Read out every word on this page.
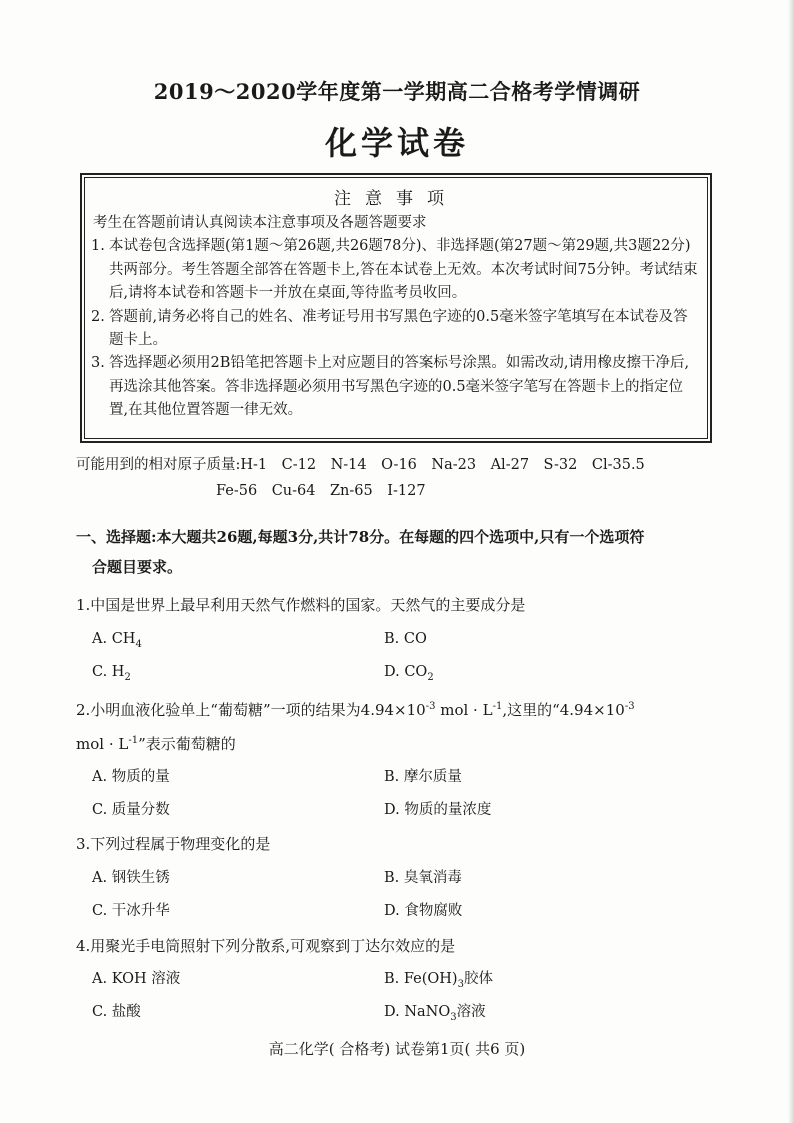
2019～2020学年度第一学期高二合格考学情调研
化学试卷
注意事项
考生在答题前请认真阅读本注意事项及各题答题要求
1. 本试卷包含选择题(第1题～第26题,共26题78分)、非选择题(第27题～第29题,共3题22分)共两部分。考生答题全部答在答题卡上,答在本试卷上无效。本次考试时间75分钟。考试结束后,请将本试卷和答题卡一并放在桌面,等待监考员收回。
2. 答题前,请务必将自己的姓名、准考证号用书写黑色字迹的0.5毫米签字笔填写在本试卷及答题卡上。
3. 答选择题必须用2B铅笔把答题卡上对应题目的答案标号涂黑。如需改动,请用橡皮擦干净后,再选涂其他答案。答非选择题必须用书写黑色字迹的0.5毫米签字笔写在答题卡上的指定位置,在其他位置答题一律无效。
可能用到的相对原子质量:H-1　C-12　N-14　O-16　Na-23　Al-27　S-32　Cl-35.5
Fe-56　Cu-64　Zn-65　I-127
一、选择题:本大题共26题,每题3分,共计78分。在每题的四个选项中,只有一个选项符
合题目要求。
1.中国是世界上最早利用天然气作燃料的国家。天然气的主要成分是
A. $CH_4$	B. CO
C. $H_2$	D. $CO_2$
2.小明血液化验单上“葡萄糖”一项的结果为$4.94\times 10^{-3}$ mol · $L^{-1}$,这里的“$4.94\times 10^{-3}$
mol · $L^{-1}$”表示葡萄糖的
A. 物质的量	B. 摩尔质量
C. 质量分数	D. 物质的量浓度
3.下列过程属于物理变化的是
A. 钢铁生锈	B. 臭氧消毒
C. 干冰升华	D. 食物腐败
4.用聚光手电筒照射下列分散系,可观察到丁达尔效应的是
A. KOH 溶液	B. $Fe(OH)_3$胶体
C. 盐酸	D. NaNO$_3$溶液
高二化学( 合格考) 试卷第1页( 共6 页)
